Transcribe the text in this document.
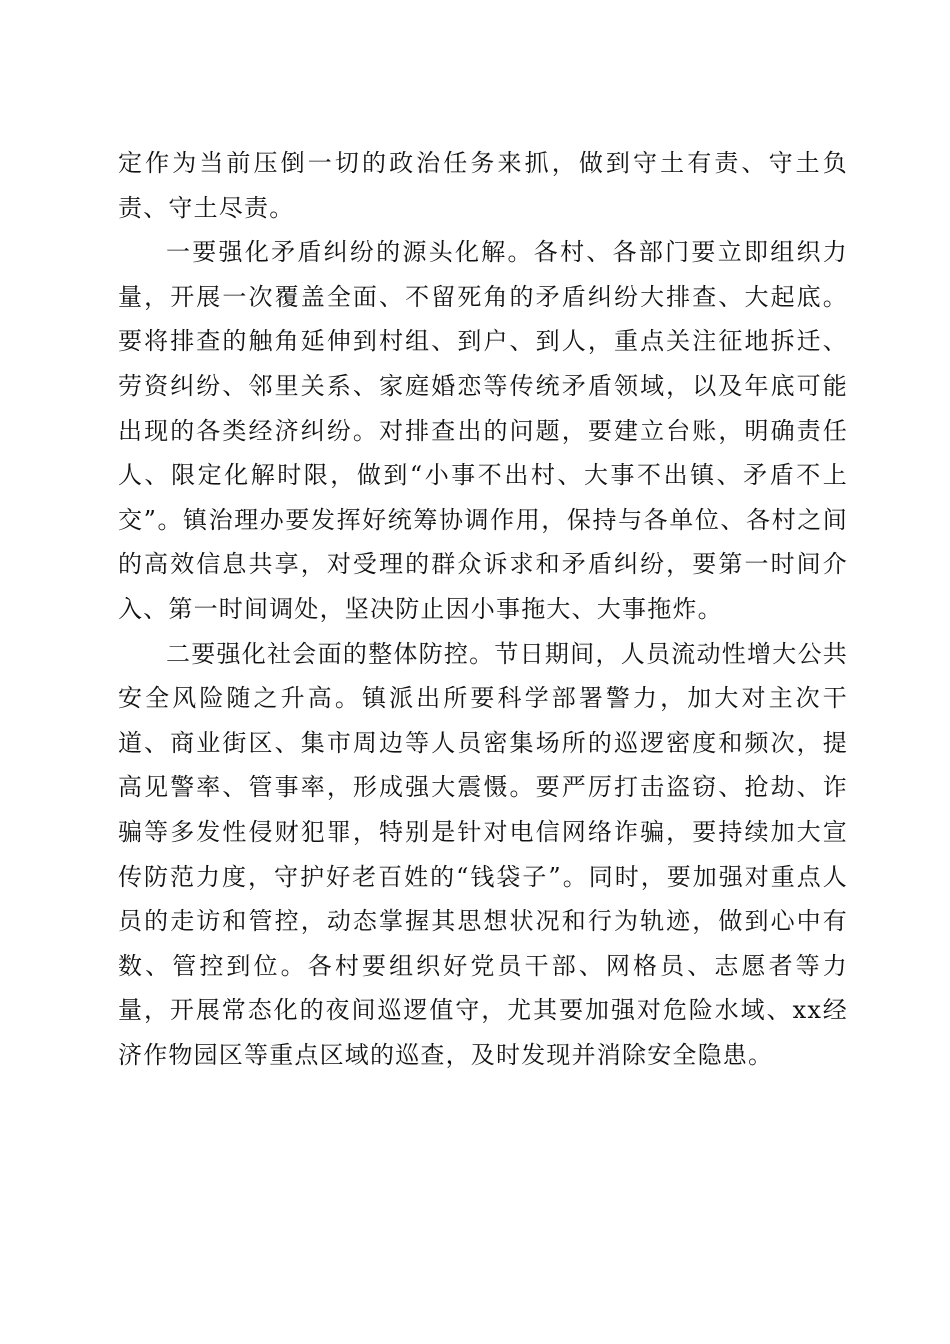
定作为当前压倒一切的政治任务来抓，做到守土有责、守土负责、守土尽责。

一要强化矛盾纠纷的源头化解。各村、各部门要立即组织力量，开展一次覆盖全面、不留死角的矛盾纠纷大排查、大起底。要将排查的触角延伸到村组、到户、到人，重点关注征地拆迁、劳资纠纷、邻里关系、家庭婚恋等传统矛盾领域，以及年底可能出现的各类经济纠纷。对排查出的问题，要建立台账，明确责任人、限定化解时限，做到“小事不出村、大事不出镇、矛盾不上交”。镇治理办要发挥好统筹协调作用，保持与各单位、各村之间的高效信息共享，对受理的群众诉求和矛盾纠纷，要第一时间介入、第一时间调处，坚决防止因小事拖大、大事拖炸。

二要强化社会面的整体防控。节日期间，人员流动性增大公共安全风险随之升高。镇派出所要科学部署警力，加大对主次干道、商业街区、集市周边等人员密集场所的巡逻密度和频次，提高见警率、管事率，形成强大震慑。要严厉打击盗窃、抢劫、诈骗等多发性侵财犯罪，特别是针对电信网络诈骗，要持续加大宣传防范力度，守护好老百姓的“钱袋子”。同时，要加强对重点人员的走访和管控，动态掌握其思想状况和行为轨迹，做到心中有数、管控到位。各村要组织好党员干部、网格员、志愿者等力量，开展常态化的夜间巡逻值守，尤其要加强对危险水域、xx经济作物园区等重点区域的巡查，及时发现并消除安全隐患。
